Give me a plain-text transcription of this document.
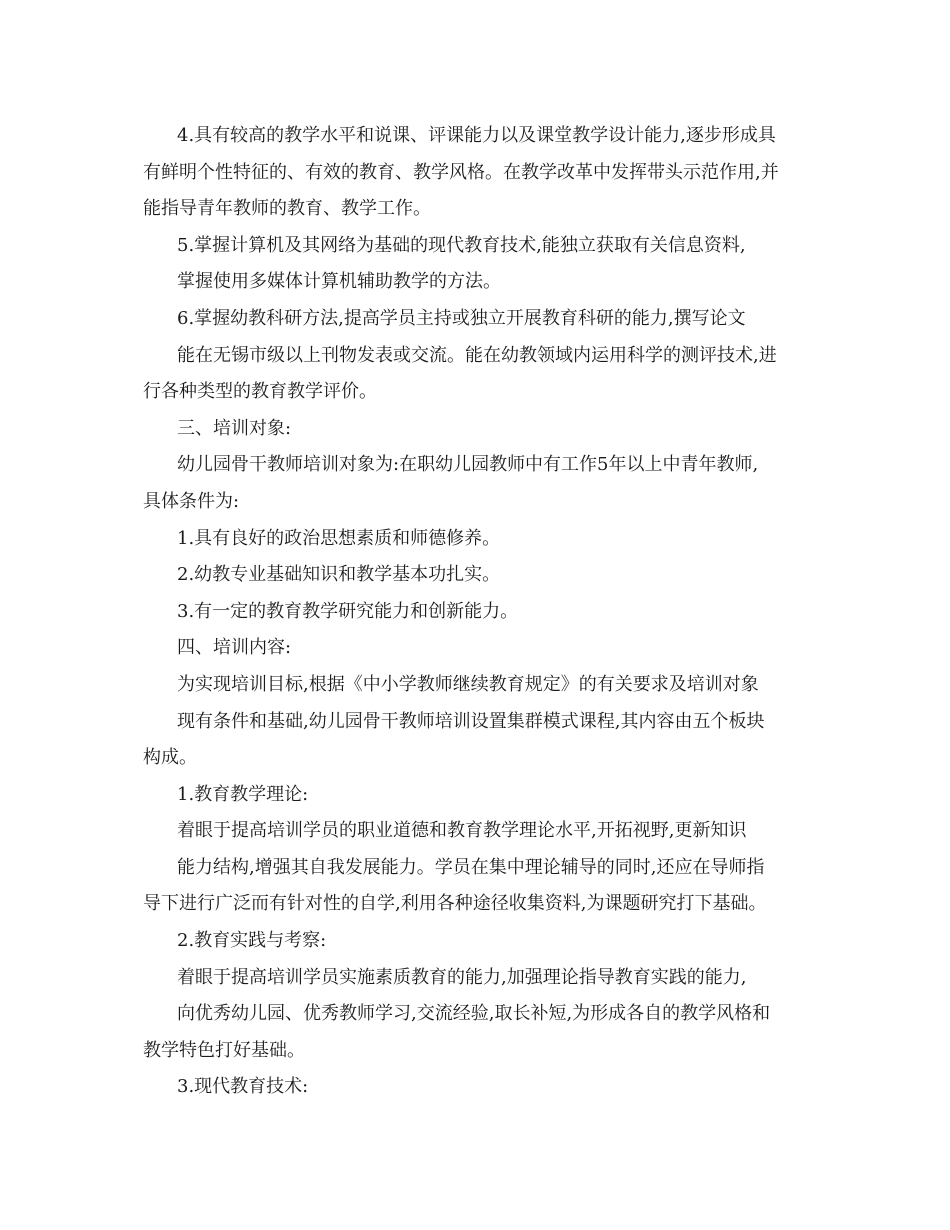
4.具有较高的教学水平和说课、评课能力以及课堂教学设计能力,逐步形成具
有鲜明个性特征的、有效的教育、教学风格。在教学改革中发挥带头示范作用,并
能指导青年教师的教育、教学工作。
5.掌握计算机及其网络为基础的现代教育技术,能独立获取有关信息资料,
掌握使用多媒体计算机辅助教学的方法。
6.掌握幼教科研方法,提高学员主持或独立开展教育科研的能力,撰写论文
能在无锡市级以上刊物发表或交流。能在幼教领域内运用科学的测评技术,进
行各种类型的教育教学评价。
三、培训对象:
幼儿园骨干教师培训对象为:在职幼儿园教师中有工作5年以上中青年教师,
具体条件为:
1.具有良好的政治思想素质和师德修养。
2.幼教专业基础知识和教学基本功扎实。
3.有一定的教育教学研究能力和创新能力。
四、培训内容:
为实现培训目标,根据《中小学教师继续教育规定》的有关要求及培训对象
现有条件和基础,幼儿园骨干教师培训设置集群模式课程,其内容由五个板块
构成。
1.教育教学理论:
着眼于提高培训学员的职业道德和教育教学理论水平,开拓视野,更新知识
能力结构,增强其自我发展能力。学员在集中理论辅导的同时,还应在导师指
导下进行广泛而有针对性的自学,利用各种途径收集资料,为课题研究打下基础。
2.教育实践与考察:
着眼于提高培训学员实施素质教育的能力,加强理论指导教育实践的能力,
向优秀幼儿园、优秀教师学习,交流经验,取长补短,为形成各自的教学风格和
教学特色打好基础。
3.现代教育技术:
